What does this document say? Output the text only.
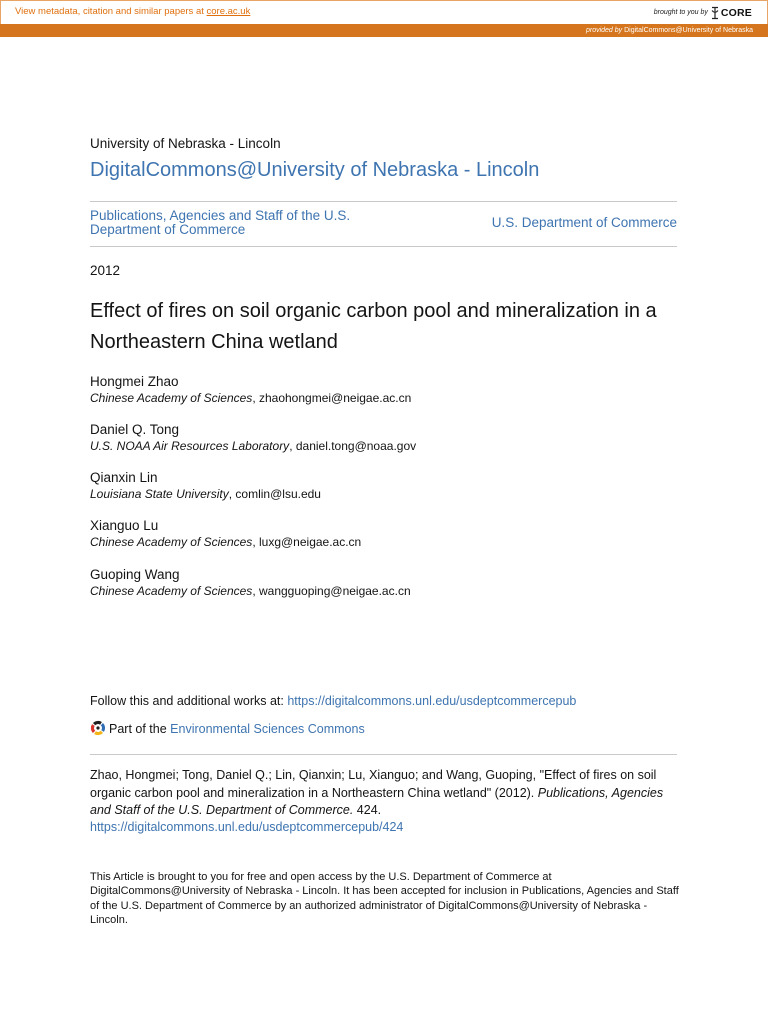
View metadata, citation and similar papers at core.ac.uk	brought to you by CORE
provided by DigitalCommons@University of Nebraska
University of Nebraska - Lincoln
DigitalCommons@University of Nebraska - Lincoln
Publications, Agencies and Staff of the U.S. Department of Commerce	U.S. Department of Commerce
2012
Effect of fires on soil organic carbon pool and mineralization in a Northeastern China wetland
Hongmei Zhao
Chinese Academy of Sciences, zhaohongmei@neigae.ac.cn
Daniel Q. Tong
U.S. NOAA Air Resources Laboratory, daniel.tong@noaa.gov
Qianxin Lin
Louisiana State University, comlin@lsu.edu
Xianguo Lu
Chinese Academy of Sciences, luxg@neigae.ac.cn
Guoping Wang
Chinese Academy of Sciences, wangguoping@neigae.ac.cn
Follow this and additional works at: https://digitalcommons.unl.edu/usdeptcommercepub
Part of the Environmental Sciences Commons
Zhao, Hongmei; Tong, Daniel Q.; Lin, Qianxin; Lu, Xianguo; and Wang, Guoping, "Effect of fires on soil organic carbon pool and mineralization in a Northeastern China wetland" (2012). Publications, Agencies and Staff of the U.S. Department of Commerce. 424. https://digitalcommons.unl.edu/usdeptcommercepub/424
This Article is brought to you for free and open access by the U.S. Department of Commerce at DigitalCommons@University of Nebraska - Lincoln. It has been accepted for inclusion in Publications, Agencies and Staff of the U.S. Department of Commerce by an authorized administrator of DigitalCommons@University of Nebraska - Lincoln.
